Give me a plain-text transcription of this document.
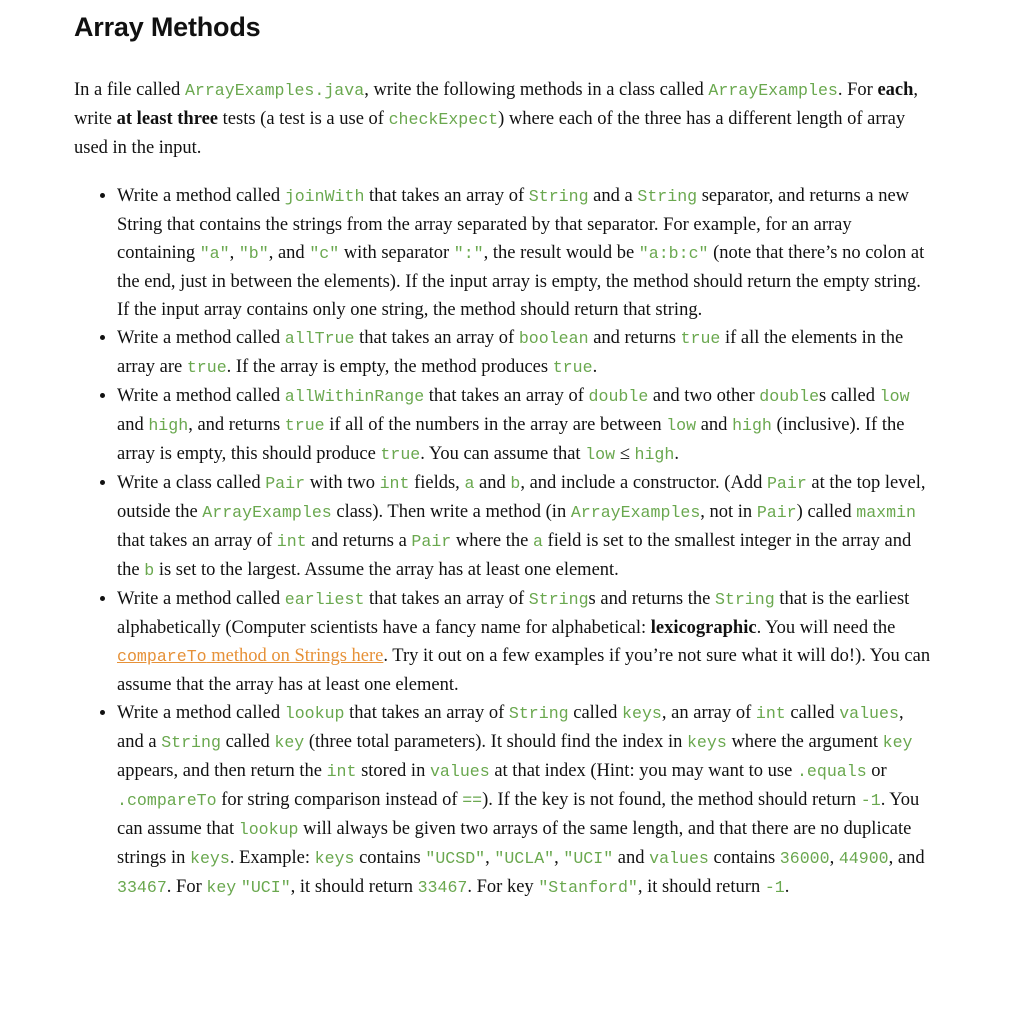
Array Methods

In a file called ArrayExamples.java, write the following methods in a class called ArrayExamples. For each, write at least three tests (a test is a use of checkExpect) where each of the three has a different length of array used in the input.

• Write a method called joinWith that takes an array of String and a String separator, and returns a new String that contains the strings from the array separated by that separator. For example, for an array containing "a", "b", and "c" with separator ":", the result would be "a:b:c" (note that there’s no colon at the end, just in between the elements). If the input array is empty, the method should return the empty string. If the input array contains only one string, the method should return that string.
• Write a method called allTrue that takes an array of boolean and returns true if all the elements in the array are true. If the array is empty, the method produces true.
• Write a method called allWithinRange that takes an array of double and two other doubles called low and high, and returns true if all of the numbers in the array are between low and high (inclusive). If the array is empty, this should produce true. You can assume that low ≤ high.
• Write a class called Pair with two int fields, a and b, and include a constructor. (Add Pair at the top level, outside the ArrayExamples class). Then write a method (in ArrayExamples, not in Pair) called maxmin that takes an array of int and returns a Pair where the a field is set to the smallest integer in the array and the b is set to the largest. Assume the array has at least one element.
• Write a method called earliest that takes an array of Strings and returns the String that is the earliest alphabetically (Computer scientists have a fancy name for alphabetical: lexicographic. You will need the compareTo method on Strings here. Try it out on a few examples if you’re not sure what it will do!). You can assume that the array has at least one element.
• Write a method called lookup that takes an array of String called keys, an array of int called values, and a String called key (three total parameters). It should find the index in keys where the argument key appears, and then return the int stored in values at that index (Hint: you may want to use .equals or .compareTo for string comparison instead of ==). If the key is not found, the method should return -1. You can assume that lookup will always be given two arrays of the same length, and that there are no duplicate strings in keys. Example: keys contains "UCSD", "UCLA", "UCI" and values contains 36000, 44900, and 33467. For key "UCI", it should return 33467. For key "Stanford", it should return -1.
